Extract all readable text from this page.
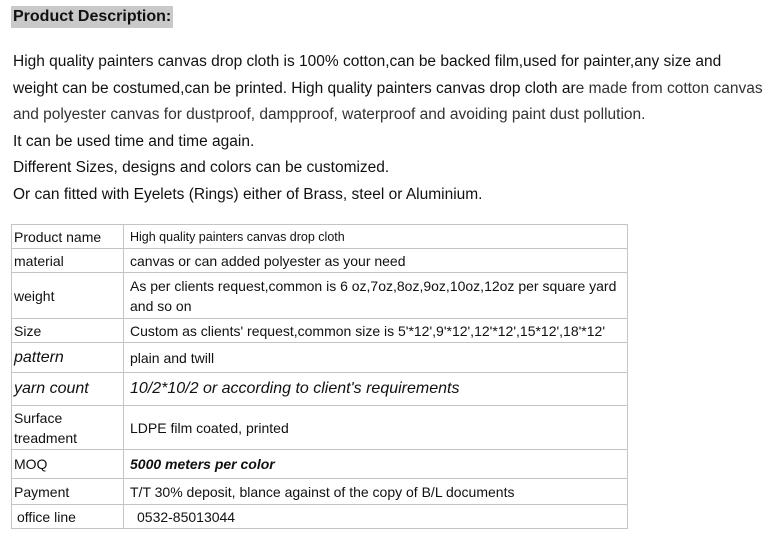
Product Description:

High quality painters canvas drop cloth is 100% cotton,can be backed film,used for painter,any size and weight can be costumed,can be printed. High quality painters canvas drop cloth are made from cotton canvas and polyester canvas for dustproof, dampproof, waterproof and avoiding paint dust pollution.

It can be used time and time again.

Different Sizes, designs and colors can be customized.

Or can fitted with Eyelets (Rings) either of Brass, steel or Aluminium.

Product name	High quality painters canvas drop cloth
material	canvas or can added polyester as your need
weight	As per clients request,common is 6 oz,7oz,8oz,9oz,10oz,12oz per square yard and so on
Size	Custom as clients' request,common size is 5'*12',9'*12',12'*12',15*12',18'*12'
pattern	plain and twill
yarn count	10/2*10/2 or according to client's requirements
Surface treadment	LDPE film coated, printed
MOQ	5000 meters per color
Payment	T/T 30% deposit, blance against of the copy of B/L documents
office line	0532-85013044
